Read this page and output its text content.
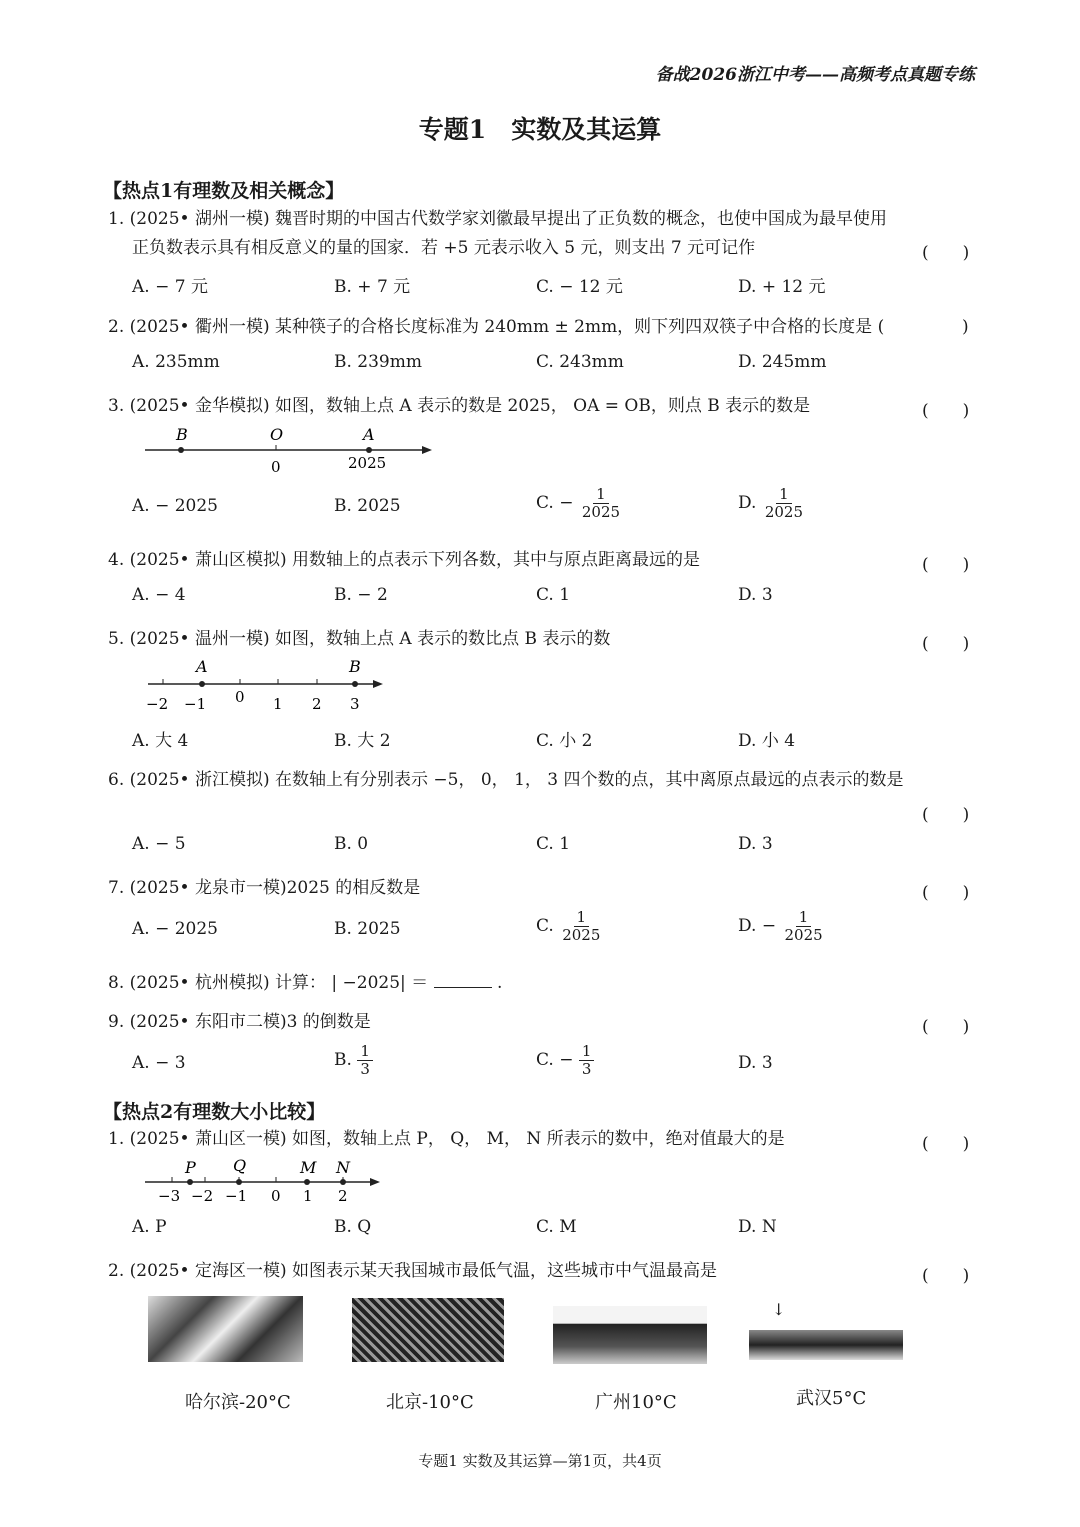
备战2026浙江中考——高频考点真题专练
专题1　实数及其运算
【热点1有理数及相关概念】
1. (2025• 湖州一模) 魏晋时期的中国古代数学家刘徽最早提出了正负数的概念，也使中国成为最早使用
正负数表示具有相反意义的量的国家．若 +5 元表示收入 5 元，则支出 7 元可记作	(　　)
A. − 7 元	B. + 7 元	C. − 12 元	D. + 12 元
2. (2025• 衢州一模) 某种筷子的合格长度标准为 240mm ± 2mm，则下列四双筷子中合格的长度是 (	)
A. 235mm	B. 239mm	C. 243mm	D. 245mm
3. (2025• 金华模拟) 如图，数轴上点 A 表示的数是 2025， OA = OB，则点 B 表示的数是	(　　)
B	O	A
0	2025
A. − 2025	B. 2025	C. − $\frac{1}{2025}$	D. $\frac{1}{2025}$
4. (2025• 萧山区模拟) 用数轴上的点表示下列各数，其中与原点距离最远的是	(　　)
A. − 4	B. − 2	C. 1	D. 3
5. (2025• 温州一模) 如图，数轴上点 A 表示的数比点 B 表示的数	(　　)
A	B
−2 −1 0 1 2 3
A. 大 4	B. 大 2	C. 小 2	D. 小 4
6. (2025• 浙江模拟) 在数轴上有分别表示 −5， 0， 1， 3 四个数的点，其中离原点最远的点表示的数是
(　　)
A. − 5	B. 0	C. 1	D. 3
7. (2025• 龙泉市一模)2025 的相反数是	(　　)
A. − 2025	B. 2025	C. $\frac{1}{2025}$	D. − $\frac{1}{2025}$
8. (2025• 杭州模拟) 计算： | −2025| ＝	.
9. (2025• 东阳市二模)3 的倒数是	(　　)
A. − 3	B. $\frac{1}{3}$	C. − $\frac{1}{3}$	D. 3
【热点2有理数大小比较】
1. (2025• 萧山区一模) 如图，数轴上点 P， Q， M， N 所表示的数中，绝对值最大的是	(　　)
P Q	M N
−3 −2 −1 0 1 2
A. P	B. Q	C. M	D. N
2. (2025• 定海区一模) 如图表示某天我国城市最低气温，这些城市中气温最高是	(　　)
↓
哈尔滨-20°C	北京-10°C	广州10°C	武汉5°C
专题1 实数及其运算—第1页，共4页
